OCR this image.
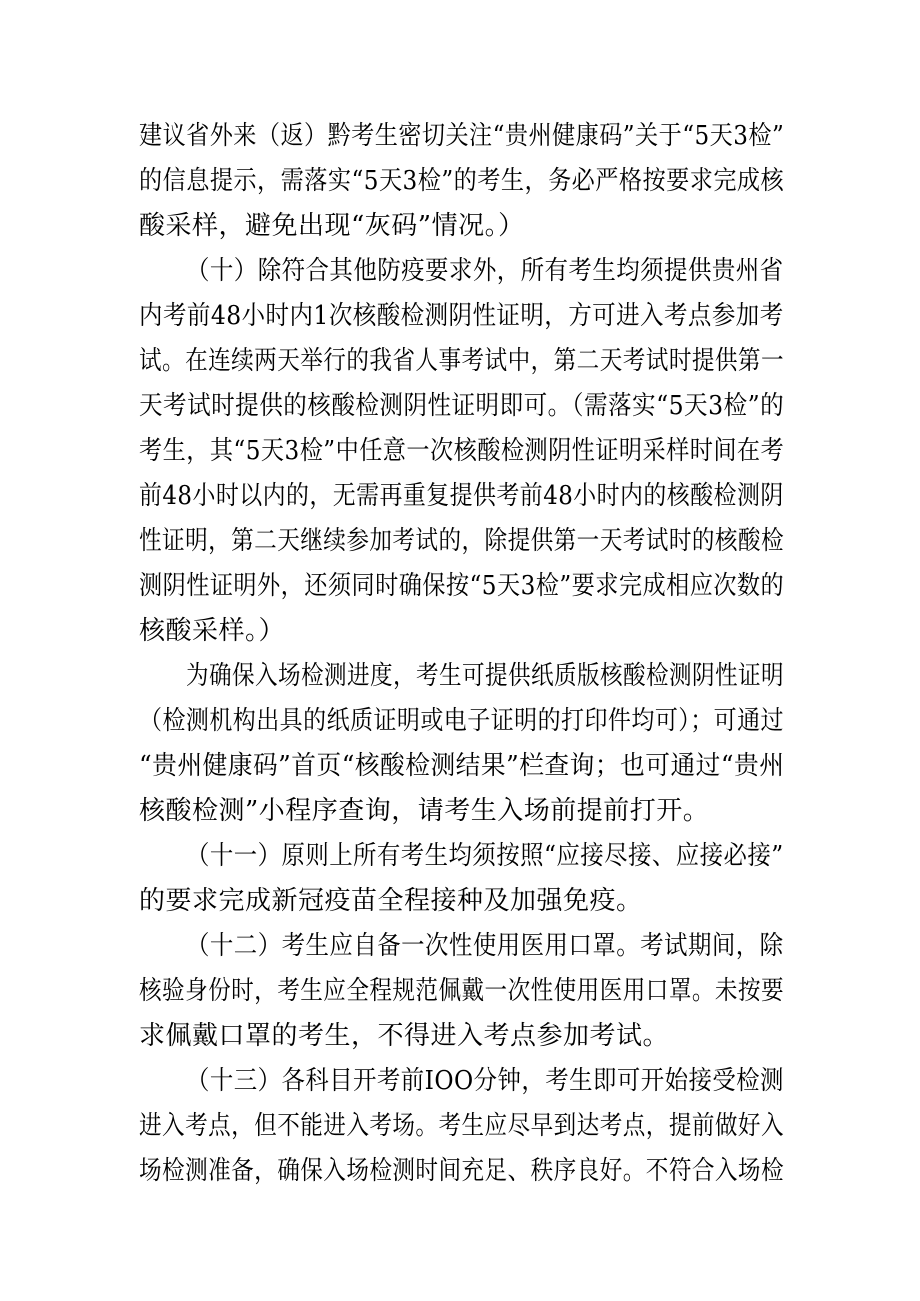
建议省外来（返）黔考生密切关注“贵州健康码”关于“5天3检”
的信息提示，需落实“5天3检”的考生，务必严格按要求完成核
酸采样，避免出现“灰码”情况。）
（十）除符合其他防疫要求外，所有考生均须提供贵州省
内考前48小时内1次核酸检测阴性证明，方可进入考点参加考
试。在连续两天举行的我省人事考试中，第二天考试时提供第一
天考试时提供的核酸检测阴性证明即可。（需落实“5天3检”的
考生，其“5天3检”中任意一次核酸检测阴性证明采样时间在考
前48小时以内的，无需再重复提供考前48小时内的核酸检测阴
性证明，第二天继续参加考试的，除提供第一天考试时的核酸检
测阴性证明外，还须同时确保按“5天3检”要求完成相应次数的
核酸采样。）
为确保入场检测进度，考生可提供纸质版核酸检测阴性证明
（检测机构出具的纸质证明或电子证明的打印件均可）；可通过
“贵州健康码”首页“核酸检测结果”栏查询；也可通过“贵州
核酸检测”小程序查询，请考生入场前提前打开。
（十一）原则上所有考生均须按照“应接尽接、应接必接”
的要求完成新冠疫苗全程接种及加强免疫。
（十二）考生应自备一次性使用医用口罩。考试期间，除
核验身份时，考生应全程规范佩戴一次性使用医用口罩。未按要
求佩戴口罩的考生，不得进入考点参加考试。
（十三）各科目开考前IOO分钟，考生即可开始接受检测
进入考点，但不能进入考场。考生应尽早到达考点，提前做好入
场检测准备，确保入场检测时间充足、秩序良好。不符合入场检
